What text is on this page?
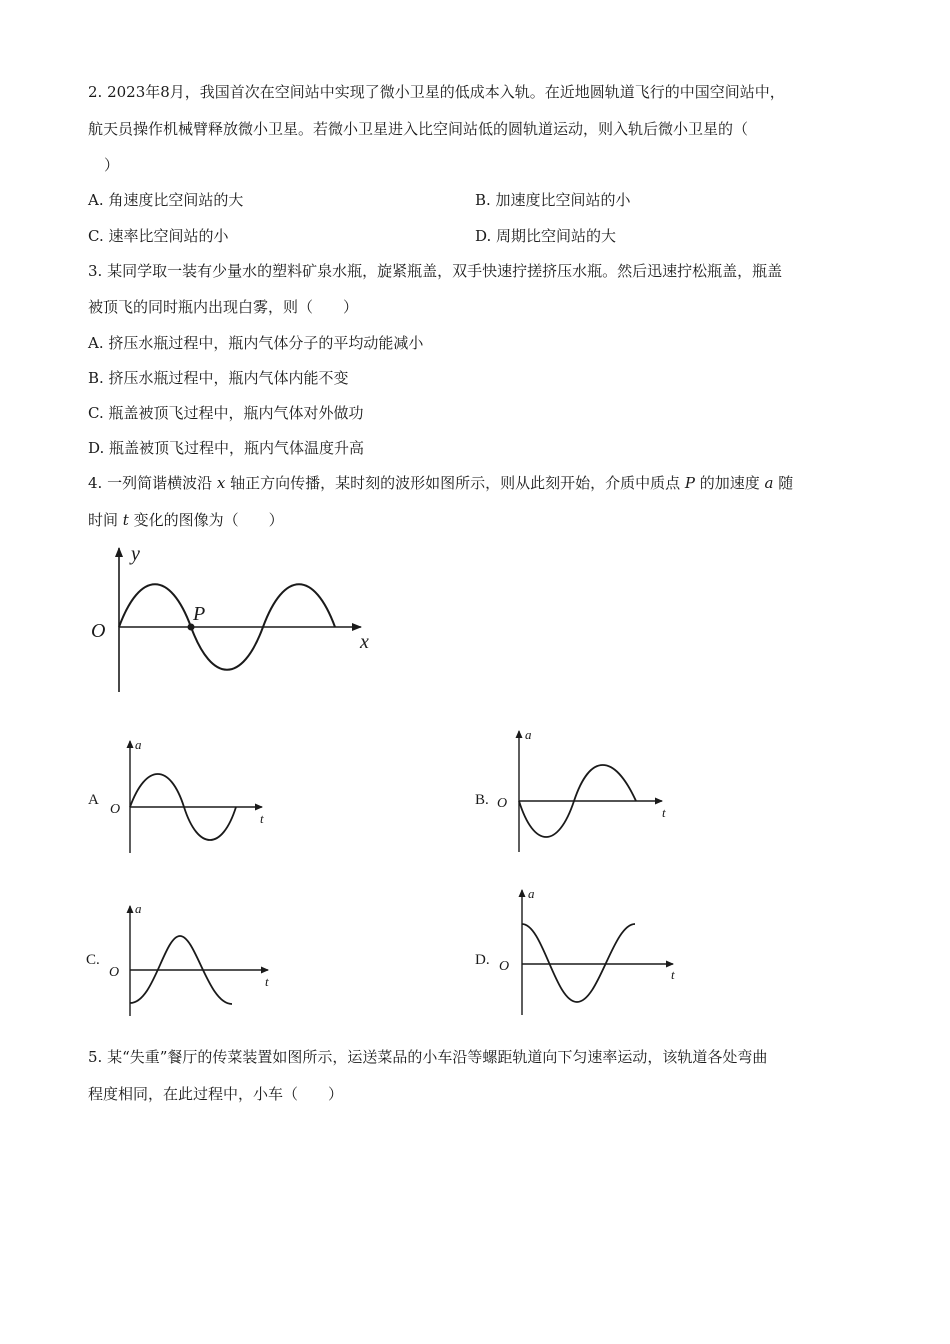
2. 2023年8月，我国首次在空间站中实现了微小卫星的低成本入轨。在近地圆轨道飞行的中国空间站中，
航天员操作机械臂释放微小卫星。若微小卫星进入比空间站低的圆轨道运动，则入轨后微小卫星的（
）
A. 角速度比空间站的大	B. 加速度比空间站的小
C. 速率比空间站的小	D. 周期比空间站的大
3. 某同学取一装有少量水的塑料矿泉水瓶，旋紧瓶盖，双手快速拧搓挤压水瓶。然后迅速拧松瓶盖，瓶盖
被顶飞的同时瓶内出现白雾，则（　　）
A. 挤压水瓶过程中，瓶内气体分子的平均动能减小
B. 挤压水瓶过程中，瓶内气体内能不变
C. 瓶盖被顶飞过程中，瓶内气体对外做功
D. 瓶盖被顶飞过程中，瓶内气体温度升高
4. 一列简谐横波沿 x 轴正方向传播，某时刻的波形如图所示，则从此刻开始，介质中质点 P 的加速度 a 随
时间 t 变化的图像为（　　）
y
x
O
P
A
a
t
O
B.
a
t
O
C.
a
t
O
D.
a
t
O
5. 某“失重”餐厅的传菜装置如图所示，运送菜品的小车沿等螺距轨道向下匀速率运动，该轨道各处弯曲
程度相同，在此过程中，小车（　　）
